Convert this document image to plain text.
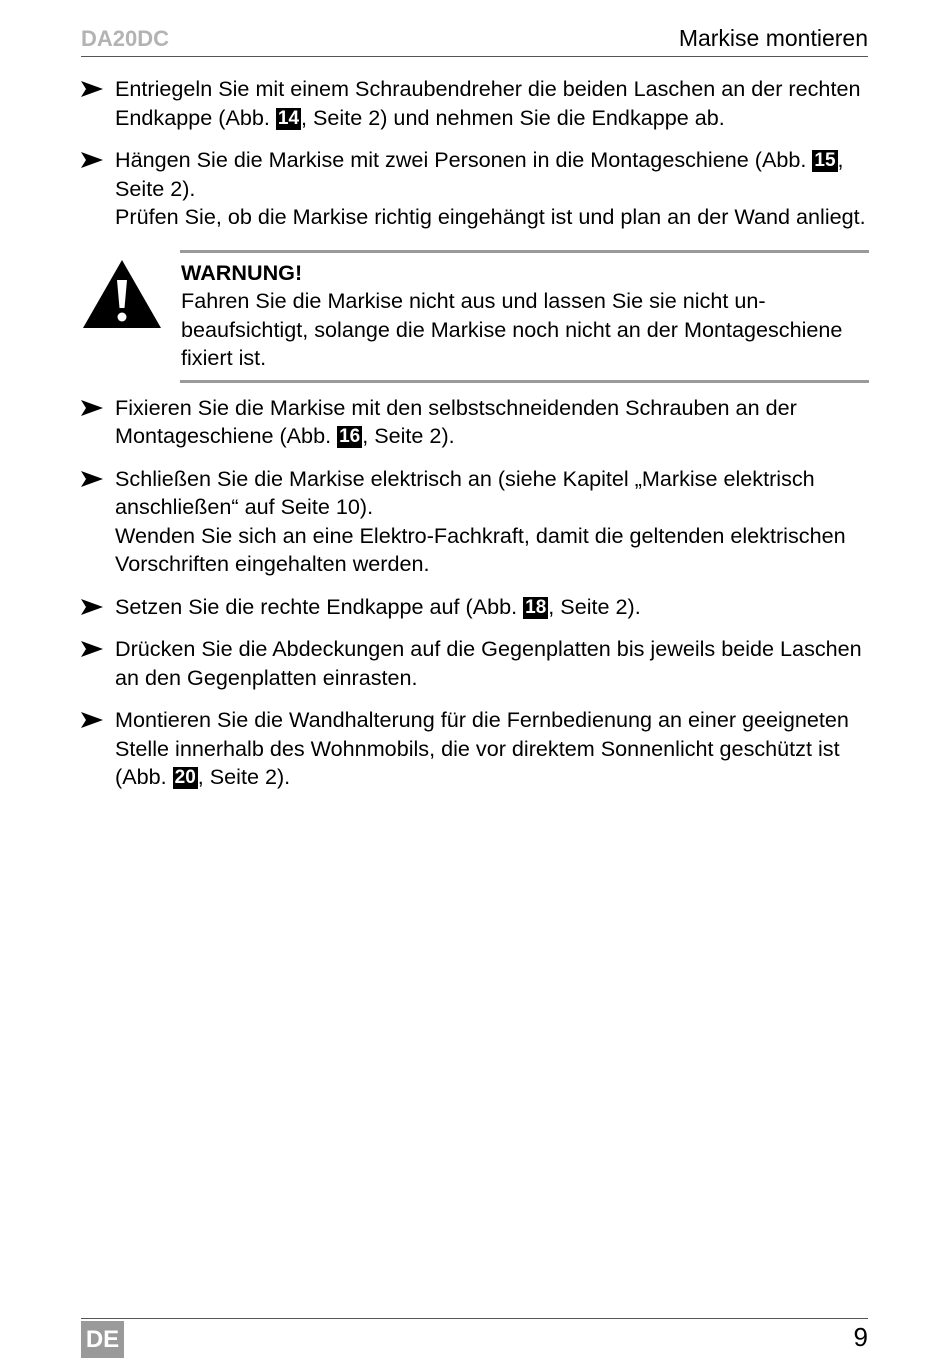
DA20DC	Markise montieren
Entriegeln Sie mit einem Schraubendreher die beiden Laschen an der rechten Endkappe (Abb. 14, Seite 2) und nehmen Sie die Endkappe ab.
Hängen Sie die Markise mit zwei Personen in die Montageschiene (Abb. 15, Seite 2).
Prüfen Sie, ob die Markise richtig eingehängt ist und plan an der Wand anliegt.
WARNUNG!
Fahren Sie die Markise nicht aus und lassen Sie sie nicht unbeaufsichtigt, solange die Markise noch nicht an der Montageschiene fixiert ist.
Fixieren Sie die Markise mit den selbstschneidenden Schrauben an der Montageschiene (Abb. 16, Seite 2).
Schließen Sie die Markise elektrisch an (siehe Kapitel „Markise elektrisch anschließen“ auf Seite 10).
Wenden Sie sich an eine Elektro-Fachkraft, damit die geltenden elektrischen Vorschriften eingehalten werden.
Setzen Sie die rechte Endkappe auf (Abb. 18, Seite 2).
Drücken Sie die Abdeckungen auf die Gegenplatten bis jeweils beide Laschen an den Gegenplatten einrasten.
Montieren Sie die Wandhalterung für die Fernbedienung an einer geeigneten Stelle innerhalb des Wohnmobils, die vor direktem Sonnenlicht geschützt ist (Abb. 20, Seite 2).
DE	9
